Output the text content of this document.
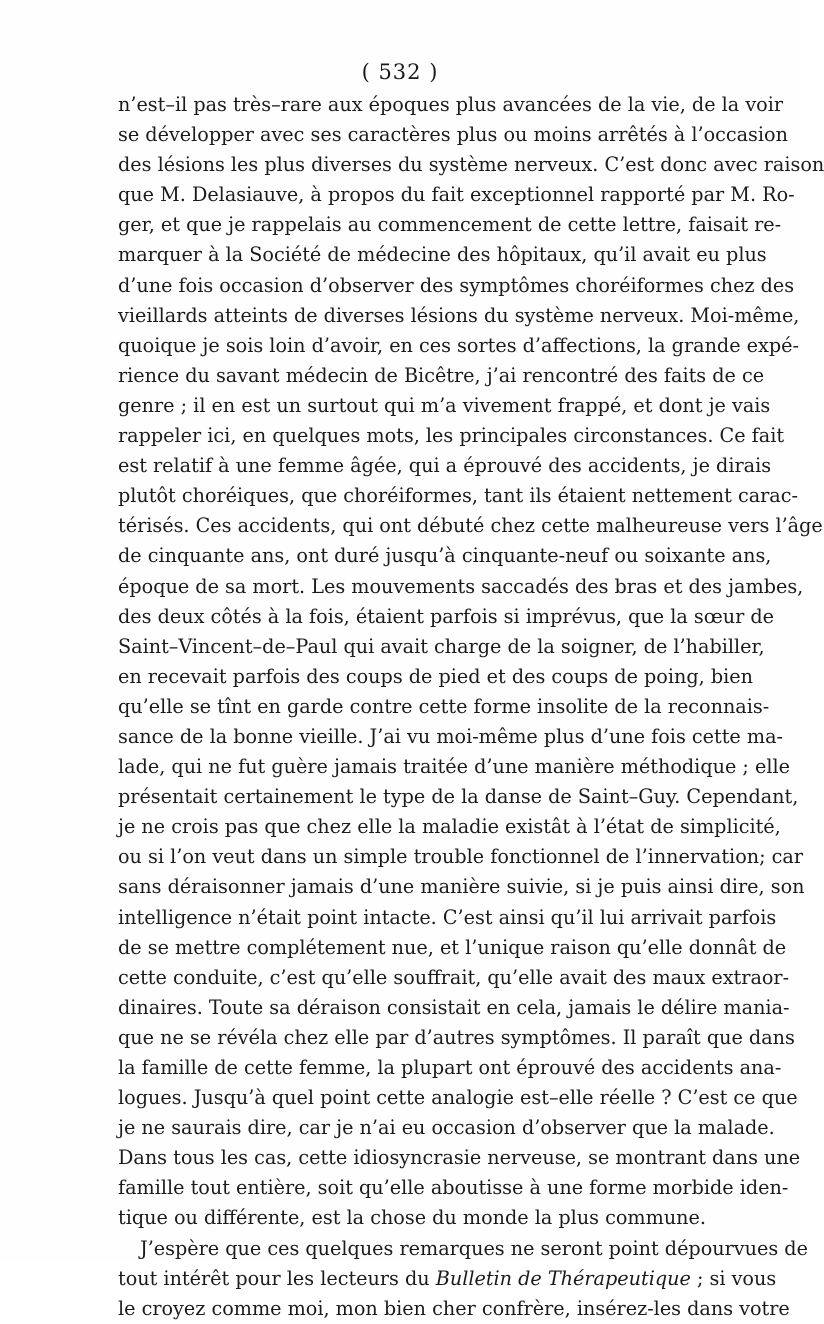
( 532 )
n’est–il pas très–rare aux époques plus avancées de la vie, de la voir
se développer avec ses caractères plus ou moins arrêtés à l’occasion
des lésions les plus diverses du système nerveux. C’est donc avec raison
que M. Delasiauve, à propos du fait exceptionnel rapporté par M. Ro-
ger, et que je rappelais au commencement de cette lettre, faisait re-
marquer à la Société de médecine des hôpitaux, qu’il avait eu plus
d’une fois occasion d’observer des symptômes choréiformes chez des
vieillards atteints de diverses lésions du système nerveux. Moi-même,
quoique je sois loin d’avoir, en ces sortes d’affections, la grande expé-
rience du savant médecin de Bicêtre, j’ai rencontré des faits de ce
genre ; il en est un surtout qui m’a vivement frappé, et dont je vais
rappeler ici, en quelques mots, les principales circonstances. Ce fait
est relatif à une femme âgée, qui a éprouvé des accidents, je dirais
plutôt choréiques, que choréiformes, tant ils étaient nettement carac-
térisés. Ces accidents, qui ont débuté chez cette malheureuse vers l’âge
de cinquante ans, ont duré jusqu’à cinquante-neuf ou soixante ans,
époque de sa mort. Les mouvements saccadés des bras et des jambes,
des deux côtés à la fois, étaient parfois si imprévus, que la sœur de
Saint–Vincent–de–Paul qui avait charge de la soigner, de l’habiller,
en recevait parfois des coups de pied et des coups de poing, bien
qu’elle se tînt en garde contre cette forme insolite de la reconnais-
sance de la bonne vieille. J’ai vu moi-même plus d’une fois cette ma-
lade, qui ne fut guère jamais traitée d’une manière méthodique ; elle
présentait certainement le type de la danse de Saint–Guy. Cependant,
je ne crois pas que chez elle la maladie existât à l’état de simplicité,
ou si l’on veut dans un simple trouble fonctionnel de l’innervation; car
sans déraisonner jamais d’une manière suivie, si je puis ainsi dire, son
intelligence n’était point intacte. C’est ainsi qu’il lui arrivait parfois
de se mettre complétement nue, et l’unique raison qu’elle donnât de
cette conduite, c’est qu’elle souffrait, qu’elle avait des maux extraor-
dinaires. Toute sa déraison consistait en cela, jamais le délire mania-
que ne se révéla chez elle par d’autres symptômes. Il paraît que dans
la famille de cette femme, la plupart ont éprouvé des accidents ana-
logues. Jusqu’à quel point cette analogie est–elle réelle ? C’est ce que
je ne saurais dire, car je n’ai eu occasion d’observer que la malade.
Dans tous les cas, cette idiosyncrasie nerveuse, se montrant dans une
famille tout entière, soit qu’elle aboutisse à une forme morbide iden-
tique ou différente, est la chose du monde la plus commune.
J’espère que ces quelques remarques ne seront point dépourvues de
tout intérêt pour les lecteurs du Bulletin de Thérapeutique ; si vous
le croyez comme moi, mon bien cher confrère, insérez-les dans votre
